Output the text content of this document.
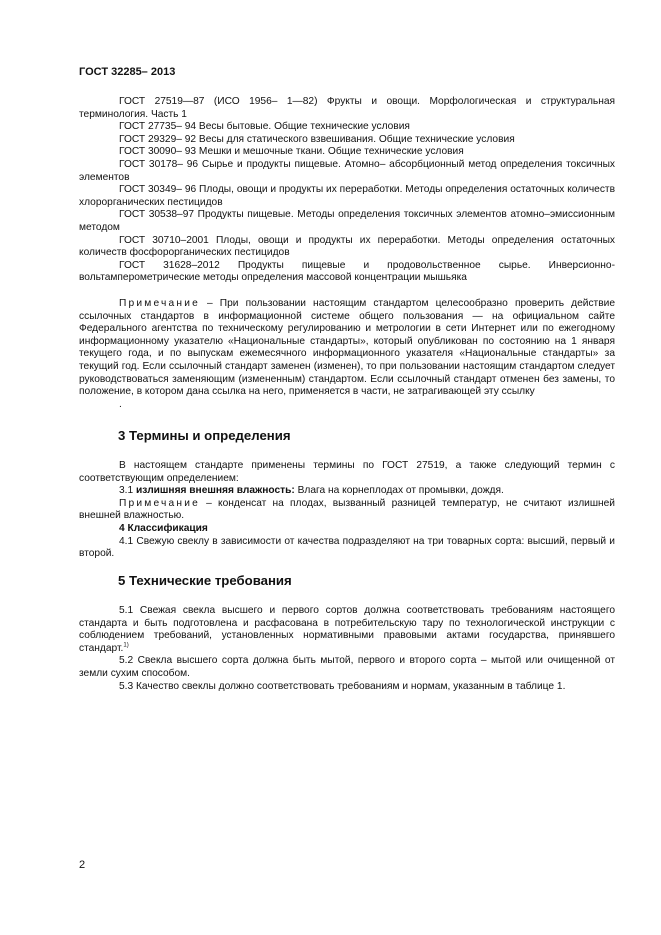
ГОСТ 32285– 2013

ГОСТ 27519—87 (ИСО 1956– 1—82) Фрукты и овощи. Морфологическая и структуральная терминология. Часть 1

ГОСТ 27735– 94 Весы бытовые. Общие технические условия

ГОСТ 29329– 92 Весы для статического взвешивания. Общие технические условия

ГОСТ 30090– 93 Мешки и мешочные ткани. Общие технические условия

ГОСТ 30178– 96 Сырье и продукты пищевые. Атомно– абсорбционный метод определения токсичных элементов

ГОСТ 30349– 96 Плоды, овощи и продукты их переработки. Методы определения остаточных количеств хлорорганических пестицидов

ГОСТ 30538–97 Продукты пищевые. Методы определения токсичных элементов атомно–эмиссионным методом

ГОСТ 30710–2001 Плоды, овощи и продукты их переработки. Методы определения остаточных количеств фосфорорганических пестицидов

ГОСТ 31628–2012 Продукты пищевые и продовольственное сырье. Инверсионно-вольтамперометрические методы определения массовой концентрации мышьяка

Примечание – При пользовании настоящим стандартом целесообразно проверить действие ссылочных стандартов в информационной системе общего пользования — на официальном сайте Федерального агентства по техническому регулированию и метрологии в сети Интернет или по ежегодному информационному указателю «Национальные стандарты», который опубликован по состоянию на 1 января текущего года, и по выпускам ежемесячного информационного указателя «Национальные стандарты» за текущий год. Если ссылочный стандарт заменен (изменен), то при пользовании настоящим стандартом следует руководствоваться заменяющим (измененным) стандартом. Если ссылочный стандарт отменен без замены, то положение, в котором дана ссылка на него, применяется в части, не затрагивающей эту ссылку

.

3 Термины и определения

В настоящем стандарте применены термины по ГОСТ 27519, а также следующий термин с соответствующим определением:

3.1 излишняя внешняя влажность: Влага на корнеплодах от промывки, дождя.

Примечание – конденсат на плодах, вызванный разницей температур, не считают излишней внешней влажностью.

4 Классификация

4.1 Свежую свеклу в зависимости от качества подразделяют на три товарных сорта: высший, первый и второй.

5 Технические требования

5.1 Свежая свекла высшего и первого сортов должна соответствовать требованиям настоящего стандарта и быть подготовлена и расфасована в потребительскую тару по технологической инструкции с соблюдением требований, установленных нормативными правовыми актами государства, принявшего стандарт.$^{1)}$

5.2 Свекла высшего сорта должна быть мытой, первого и второго сорта – мытой или очищенной от земли сухим способом.

5.3 Качество свеклы должно соответствовать требованиям и нормам, указанным в таблице 1.

2
